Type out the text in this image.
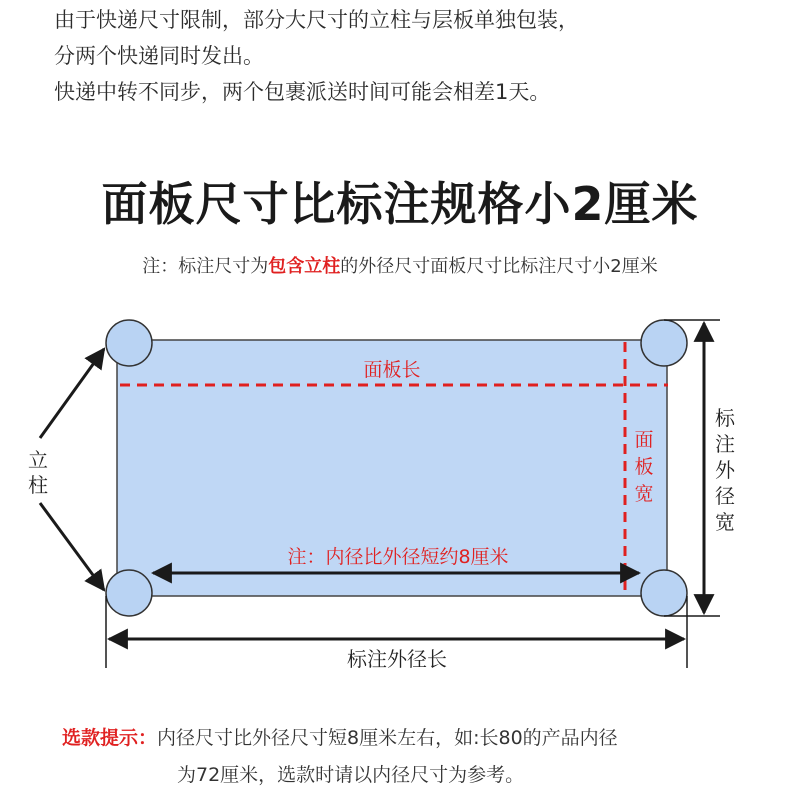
由于快递尺寸限制，部分大尺寸的立柱与层板单独包装，
分两个快递同时发出。
快递中转不同步，两个包裹派送时间可能会相差1天。
面板尺寸比标注规格小2厘米
注：标注尺寸为包含立柱的外径尺寸面板尺寸比标注尺寸小2厘米
面板长
面
板
宽
注：内径比外径短约8厘米
立
柱
标
注
外
径
宽
标注外径长
选款提示：内径尺寸比外径尺寸短8厘米左右，如:长80的产品内径
为72厘米，选款时请以内径尺寸为参考。
